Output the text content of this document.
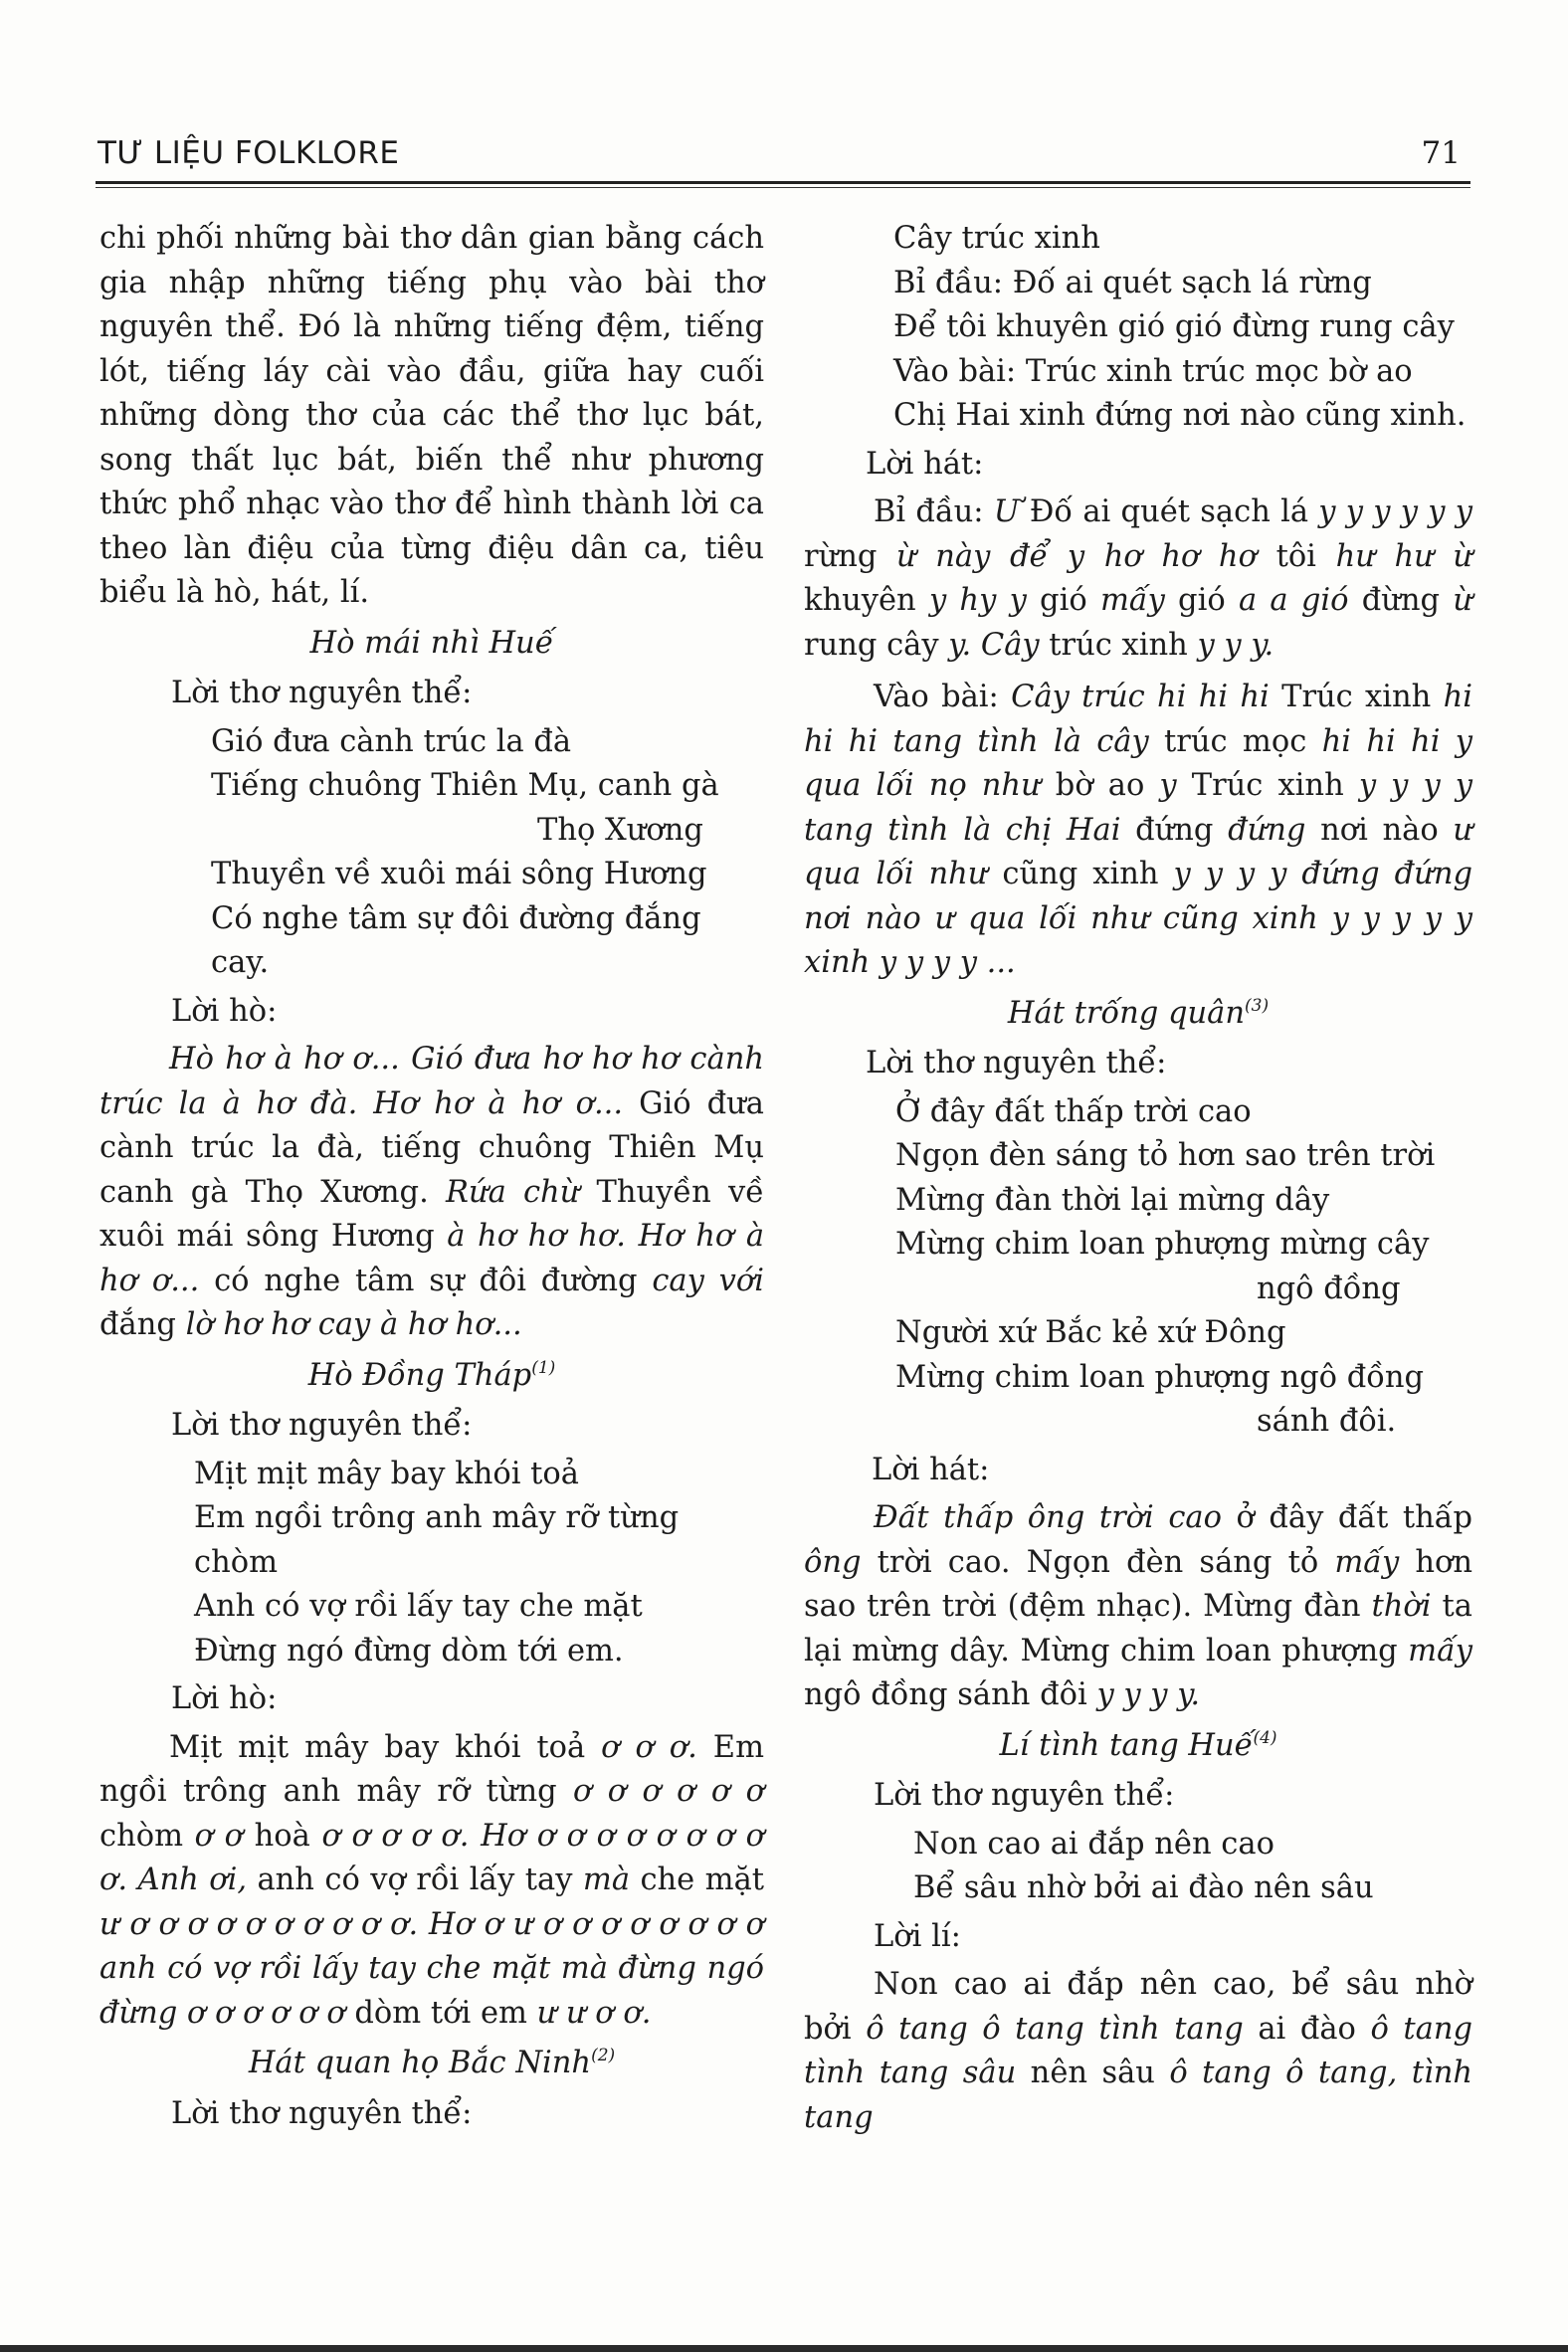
TƯ LIỆU FOLKLORE	71

chi phối những bài thơ dân gian bằng cách gia nhập những tiếng phụ vào bài thơ nguyên thể. Đó là những tiếng đệm, tiếng lót, tiếng láy cài vào đầu, giữa hay cuối những dòng thơ của các thể thơ lục bát, song thất lục bát, biến thể như phương thức phổ nhạc vào thơ để hình thành lời ca theo làn điệu của từng điệu dân ca, tiêu biểu là hò, hát, lí.

Hò mái nhì Huế

Lời thơ nguyên thể:

Gió đưa cành trúc la đà

Tiếng chuông Thiên Mụ, canh gà

Thọ Xương

Thuyền về xuôi mái sông Hương

Có nghe tâm sự đôi đường đắng cay.

Lời hò:

Hò hơ à hơ ơ... Gió đưa hơ hơ hơ cành trúc la à hơ đà. Hơ hơ à hơ ơ... Gió đưa cành trúc la đà, tiếng chuông Thiên Mụ canh gà Thọ Xương. Rứa chừ Thuyền về xuôi mái sông Hương à hơ hơ hơ. Hơ hơ à hơ ơ... có nghe tâm sự đôi đường cay với đắng lờ hơ hơ cay à hơ hơ...

Hò Đồng Tháp$^{(1)}$

Lời thơ nguyên thể:

Mịt mịt mây bay khói toả

Em ngồi trông anh mây rỡ từng chòm

Anh có vợ rồi lấy tay che mặt

Đừng ngó đừng dòm tới em.

Lời hò:

Mịt mịt mây bay khói toả ơ ơ ơ. Em ngồi trông anh mây rỡ từng ơ ơ ơ ơ ơ ơ chòm ơ ơ hoà ơ ơ ơ ơ ơ. Hơ ơ ơ ơ ơ ơ ơ ơ ơ ơ. Anh ơi, anh có vợ rồi lấy tay mà che mặt ư ơ ơ ơ ơ ơ ơ ơ ơ ơ ơ. Hơ ơ ư ơ ơ ơ ơ ơ ơ ơ ơ anh có vợ rồi lấy tay che mặt mà đừng ngó đừng ơ ơ ơ ơ ơ ơ dòm tới em ư ư ơ ơ.

Hát quan họ Bắc Ninh$^{(2)}$

Lời thơ nguyên thể:

Cây trúc xinh

Bỉ đầu: Đố ai quét sạch lá rừng

Để tôi khuyên gió gió đừng rung cây

Vào bài: Trúc xinh trúc mọc bờ ao

Chị Hai xinh đứng nơi nào cũng xinh.

Lời hát:

Bỉ đầu: Ư Đố ai quét sạch lá y y y y y y rừng ừ này để y hơ hơ hơ tôi hư hư ừ khuyên y hy y gió mấy gió a a gió đừng ừ rung cây y. Cây trúc xinh y y y.

Vào bài: Cây trúc hi hi hi Trúc xinh hi hi hi tang tình là cây trúc mọc hi hi hi y qua lối nọ như bờ ao y Trúc xinh y y y y tang tình là chị Hai đứng đứng nơi nào ư qua lối như cũng xinh y y y y đứng đứng nơi nào ư qua lối như cũng xinh y y y y y xinh y y y y ...

Hát trống quân$^{(3)}$

Lời thơ nguyên thể:

Ở đây đất thấp trời cao

Ngọn đèn sáng tỏ hơn sao trên trời

Mừng đàn thời lại mừng dây

Mừng chim loan phượng mừng cây

ngô đồng

Người xứ Bắc kẻ xứ Đông

Mừng chim loan phượng ngô đồng

sánh đôi.

Lời hát:

Đất thấp ông trời cao ở đây đất thấp ông trời cao. Ngọn đèn sáng tỏ mấy hơn sao trên trời (đệm nhạc). Mừng đàn thời ta lại mừng dây. Mừng chim loan phượng mấy ngô đồng sánh đôi y y y y.

Lí tình tang Huế$^{(4)}$

Lời thơ nguyên thể:

Non cao ai đắp nên cao

Bể sâu nhờ bởi ai đào nên sâu

Lời lí:

Non cao ai đắp nên cao, bể sâu nhờ bởi ô tang ô tang tình tang ai đào ô tang tình tang sâu nên sâu ô tang ô tang, tình tang
